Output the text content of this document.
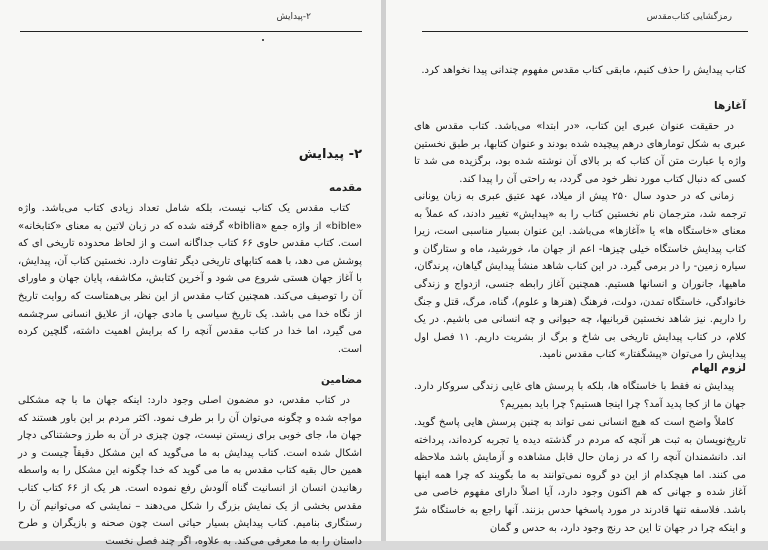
۲-پیدایش
۲- پیدایش
مقدمه

کتاب مقدس یک کتاب نیست، بلکه شامل تعداد زیادی کتاب می‌باشد. واژه «bible» از واژه جمع «biblia» گرفته شده که در زبان لاتین به معنای «کتابخانه» است. کتاب مقدس حاوی ۶۶ کتاب جداگانه است و از لحاظ محدوده تاریخی ای که پوشش می دهد، با همه کتابهای تاریخی دیگر تفاوت دارد. نخستین کتاب آن، پیدایش، با آغاز جهان هستی شروع می شود و آخرین کتابش، مکاشفه، پایان جهان و ماورای آن را توصیف می‌کند. همچنین کتاب مقدس از این نظر بی‌همتاست که روایت تاریخ از نگاه خدا می باشد. یک تاریخ سیاسی یا مادی جهان، از علایق انسانی سرچشمه می گیرد، اما خدا در کتاب مقدس آنچه را که برایش اهمیت داشته، گلچین کرده است.

مضامین

در کتاب مقدس، دو مضمون اصلی وجود دارد: اینکه جهان ما با چه مشکلی مواجه شده و چگونه می‌توان آن را بر طرف نمود. اکثر مردم بر این باور هستند که جهان ما، جای خوبی برای زیستن نیست، چون چیزی در آن به طرز وحشتناکی دچار اشکال شده است. کتاب پیدایش به ما می‌گوید که این مشکل دقیقاً چیست و در همین حال بقیه کتاب مقدس به ما می گوید که خدا چگونه این مشکل را به واسطه رهانیدن انسان از انسانیت گناه آلودش رفع نموده است. هر یک از ۶۶ کتاب کتاب مقدس بخشی از یک نمایش بزرگ را شکل می‌دهند – نمایشی که می‌توانیم آن را رستگاری بنامیم. کتاب پیدایش بسیار حیاتی است چون صحنه و بازیگران و طرح داستان را به ما معرفی می‌کند. به علاوه، اگر چند فصل نخست

رمزگشایی کتاب‌مقدس

کتاب پیدایش را حذف کنیم، مابقی کتاب مقدس مفهوم چندانی پیدا نخواهد کرد.

آغازها

در حقیقت عنوان عبری این کتاب، «در ابتدا» می‌باشد. کتاب مقدس های عبری به شکل تومارهای درهم پیچیده شده بودند و عنوان کتابها، بر طبق نخستین واژه یا عبارت متن آن کتاب که بر بالای آن نوشته شده بود، برگزیده می شد تا کسی که دنبال کتاب مورد نظر خود می گردد، به راحتی آن را پیدا کند.

زمانی که در حدود سال ۲۵۰ پیش از میلاد، عهد عتیق عبری به زبان یونانی ترجمه شد، مترجمان نام نخستین کتاب را به «پیدایش» تغییر دادند، که عملاً به معنای «خاستگاه ها» یا «آغازها» می‌باشد. این عنوان بسیار مناسبی است، زیرا کتاب پیدایش خاستگاه خیلی چیزها- اعم از جهان ما، خورشید، ماه و ستارگان و سیاره زمین- را در برمی گیرد. در این کتاب شاهد منشأ پیدایش گیاهان، پرندگان، ماهیها، جانوران و انسانها هستیم. همچنین آغاز رابطه جنسی، ازدواج و زندگی خانوادگی، خاستگاه تمدن، دولت، فرهنگ (هنرها و علوم)، گناه، مرگ، قتل و جنگ را داریم. نیز شاهد نخستین قربانیها، چه حیوانی و چه انسانی می باشیم. در یک کلام، در کتاب پیدایش تاریخی بی شاخ و برگ از بشریت داریم. ۱۱ فصل اول پیدایش را می‌توان «پیشگفتار» کتاب مقدس نامید.

لزوم الهام

پیدایش نه فقط با خاستگاه ها، بلکه با پرسش های غایی زندگی سروکار دارد. جهان ما از کجا پدید آمد؟ چرا اینجا هستیم؟ چرا باید بمیریم؟

کاملاً واضح است که هیچ انسانی نمی تواند به چنین پرسش هایی پاسخ گوید. تاریخ‌نویسان به ثبت هر آنچه که مردم در گذشته دیده یا تجربه کرده‌اند، پرداخته اند. دانشمندان آنچه را که در زمان حال قابل مشاهده و آزمایش باشد ملاحظه می کنند. اما هیچکدام از این دو گروه نمی‌توانند به ما بگویند که چرا همه اینها آغاز شده و جهانی که هم اکنون وجود دارد، آیا اصلاً دارای مفهوم خاصی می باشد. فلاسفه تنها قادرند در مورد پاسخها حدس بزنند. آنها راجع به خاستگاه شرّ و اینکه چرا در جهان تا این حد رنج وجود دارد، به حدس و گمان
